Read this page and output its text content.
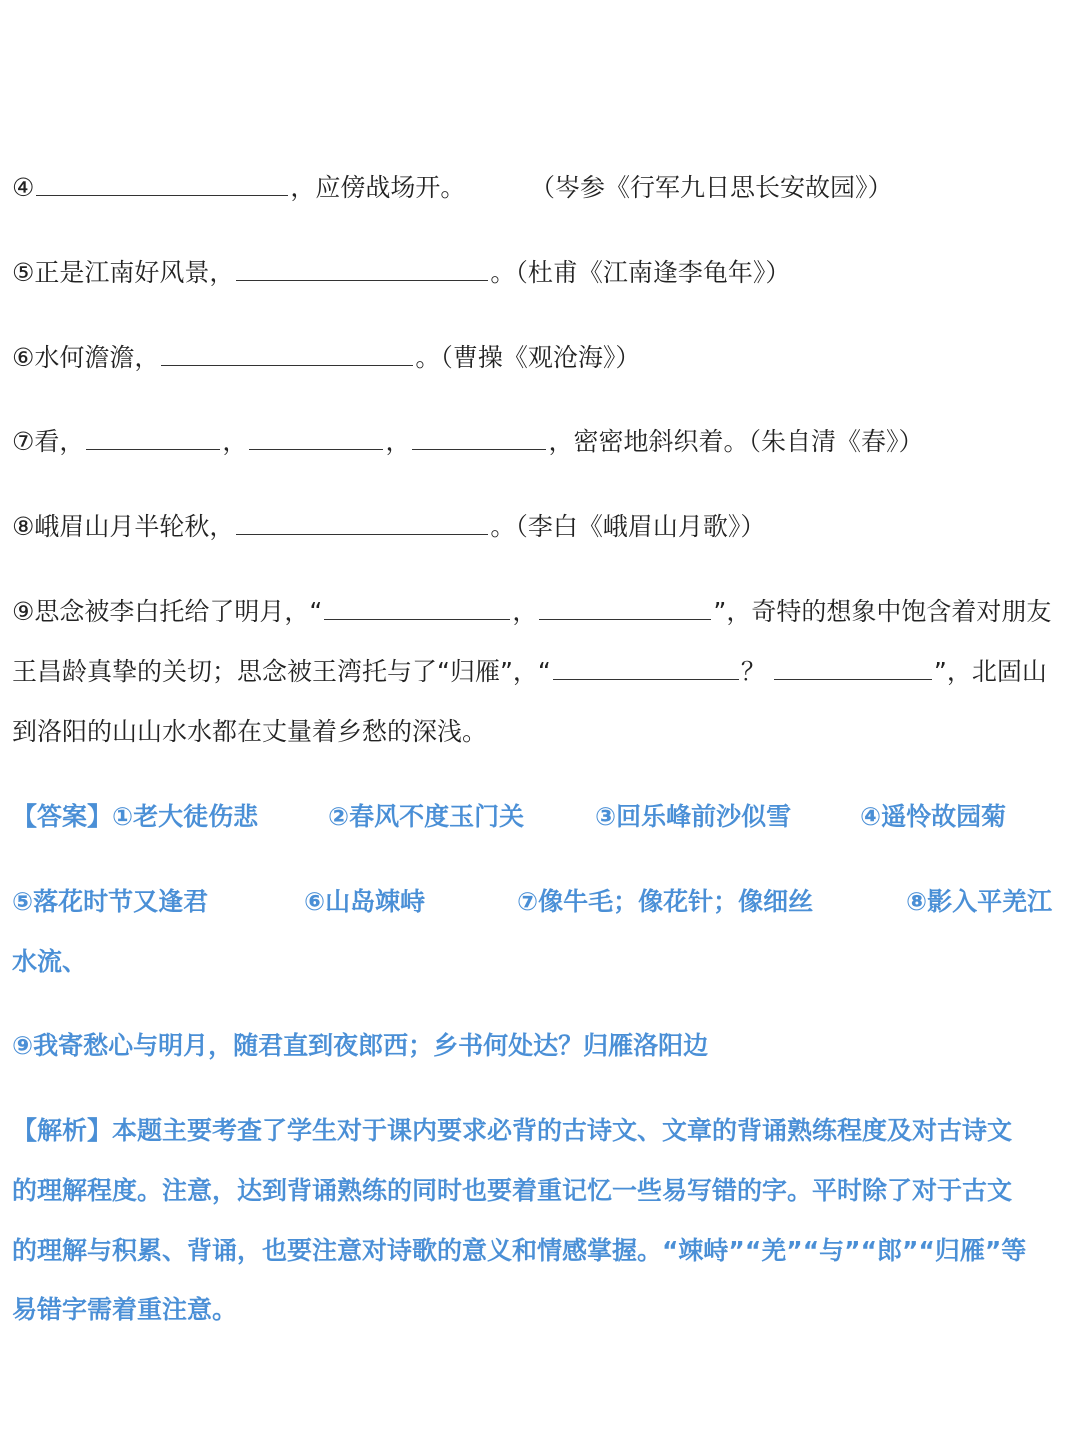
④	，应傍战场开。	（岑参《行军九日思长安故园》）
⑤正是江南好风景，	。（杜甫《江南逢李龟年》）
⑥水何澹澹，	。（曹操《观沧海》）
⑦看，	，	，	，密密地斜织着。（朱自清《春》）
⑧峨眉山月半轮秋，	。（李白《峨眉山月歌》）
⑨思念被李白托给了明月，“	，	”，奇特的想象中饱含着对朋友
王昌龄真挚的关切；思念被王湾托与了“归雁”，“	？	”，北固山
到洛阳的山山水水都在丈量着乡愁的深浅。
【答案】①老大徒伤悲	②春风不度玉门关	③回乐峰前沙似雪	④遥怜故园菊
⑤落花时节又逢君	⑥山岛竦峙	⑦像牛毛；像花针；像细丝	⑧影入平羌江
水流、
⑨我寄愁心与明月，随君直到夜郎西；乡书何处达？归雁洛阳边
【解析】本题主要考查了学生对于课内要求必背的古诗文、文章的背诵熟练程度及对古诗文
的理解程度。注意，达到背诵熟练的同时也要着重记忆一些易写错的字。平时除了对于古文
的理解与积累、背诵，也要注意对诗歌的意义和情感掌握。“竦峙”“羌”“与”“郎”“归雁”等
易错字需着重注意。
